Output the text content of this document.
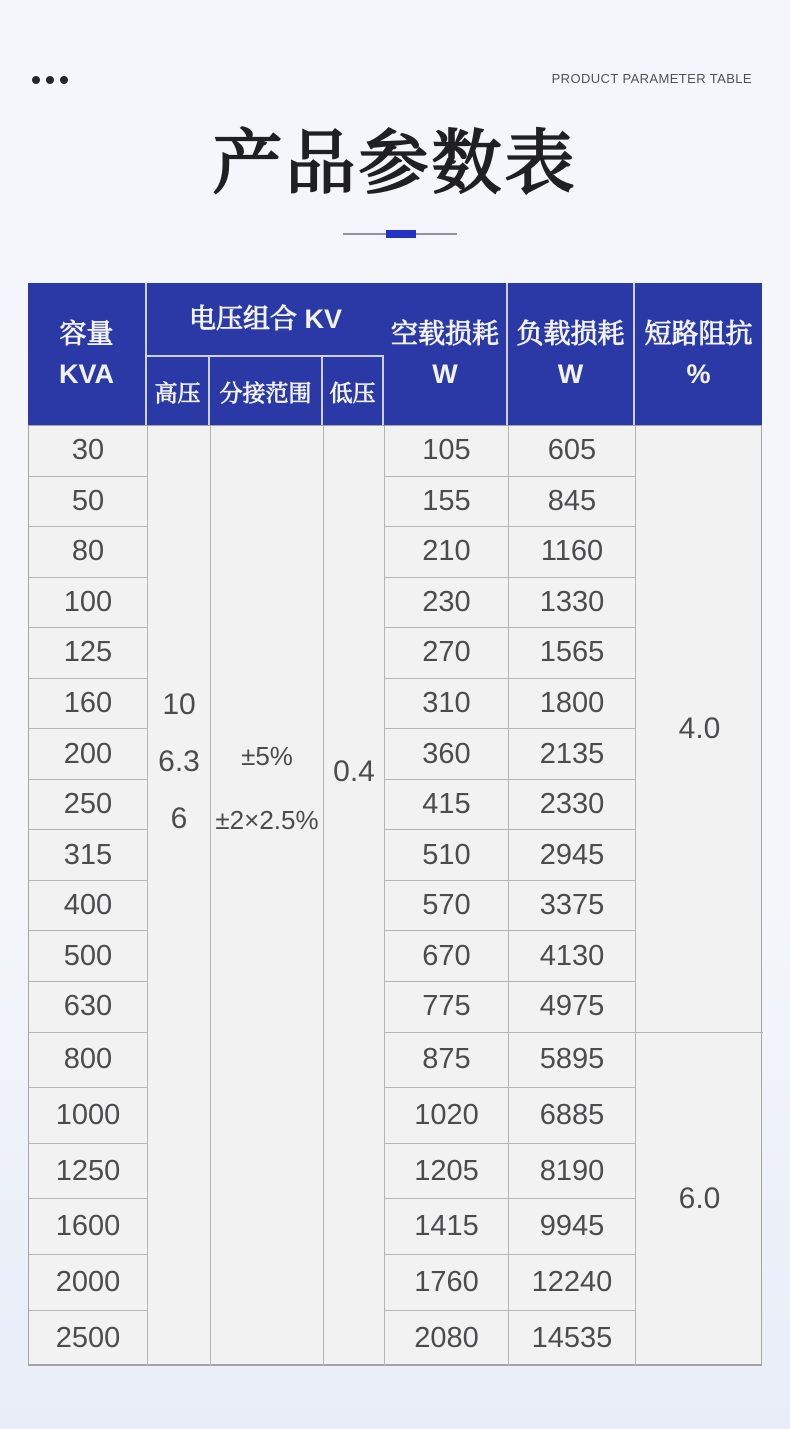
PRODUCT PARAMETER TABLE
产品参数表
容量
KVA
电压组合 KV
高压 分接范围 低压
空载损耗
W
负载损耗
W
短路阻抗
%
30
50
80
100
125
160
200
250
315
400
500
630
800
1000
1250
1600
2000
2500
10
6.3
6
±5%
±2×2.5%
0.4
105
155
210
230
270
310
360
415
510
570
670
775
875
1020
1205
1415
1760
2080
605
845
1160
1330
1565
1800
2135
2330
2945
3375
4130
4975
5895
6885
8190
9945
12240
14535
4.0
6.0
